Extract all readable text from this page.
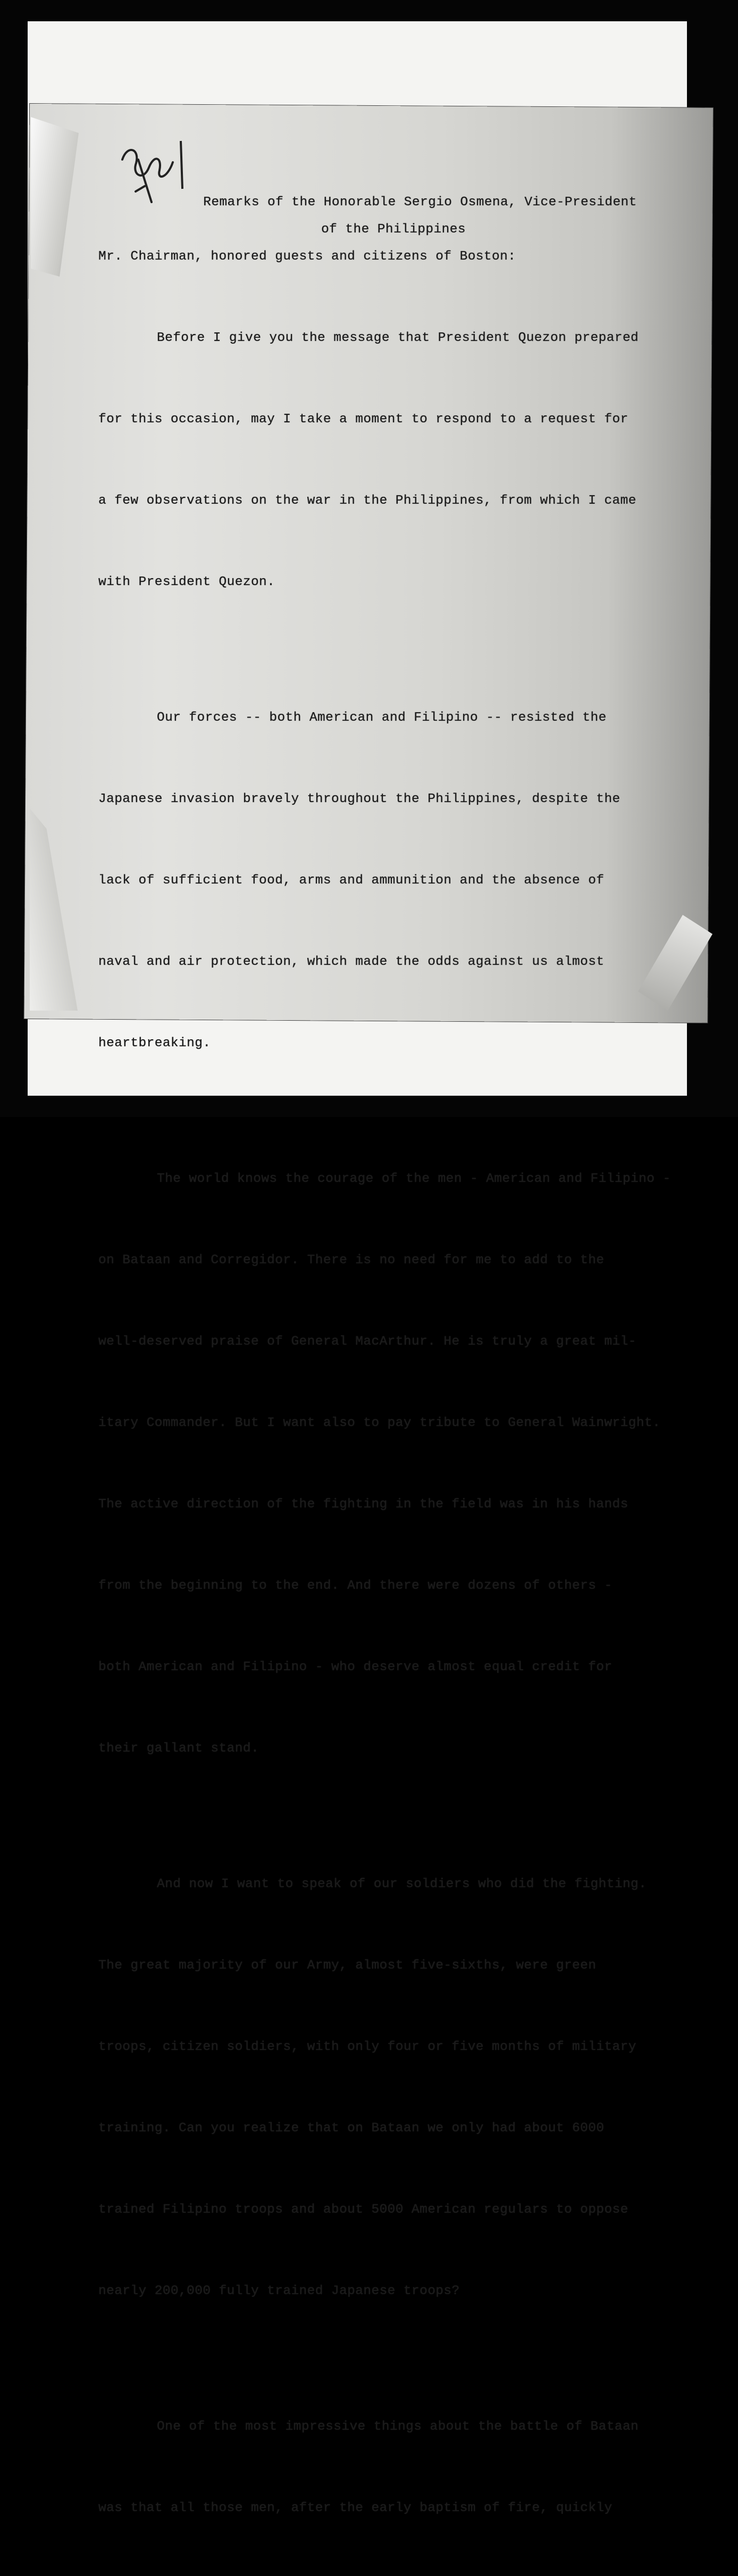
Remarks of the Honorable Sergio Osmena, Vice-President

of the Philippines

Mr. Chairman, honored guests and citizens of Boston:

Before I give you the message that President Quezon prepared

for this occasion, may I take a moment to respond to a request for

a few observations on the war in the Philippines, from which I came

with President Quezon.

Our forces -- both American and Filipino -- resisted the

Japanese invasion bravely throughout the Philippines, despite the

lack of sufficient food, arms and ammunition and the absence of

naval and air protection, which made the odds against us almost

heartbreaking.

The world knows the courage of the men - American and Filipino -

on Bataan and Corregidor. There is no need for me to add to the

well-deserved praise of General MacArthur. He is truly a great mil-

itary Commander. But I want also to pay tribute to General Wainwright.

The active direction of the fighting in the field was in his hands

from the beginning to the end. And there were dozens of others -

both American and Filipino - who deserve almost equal credit for

their gallant stand.

And now I want to speak of our soldiers who did the fighting.

The great majority of our Army, almost five-sixths, were green

troops, citizen soldiers, with only four or five months of military

training. Can you realize that on Bataan we only had about 6000

trained Filipino troops and about 5000 American regulars to oppose

nearly 200,000 fully trained Japanese troops?

One of the most impressive things about the battle of Bataan

was that all those men, after the early baptism of fire, quickly
